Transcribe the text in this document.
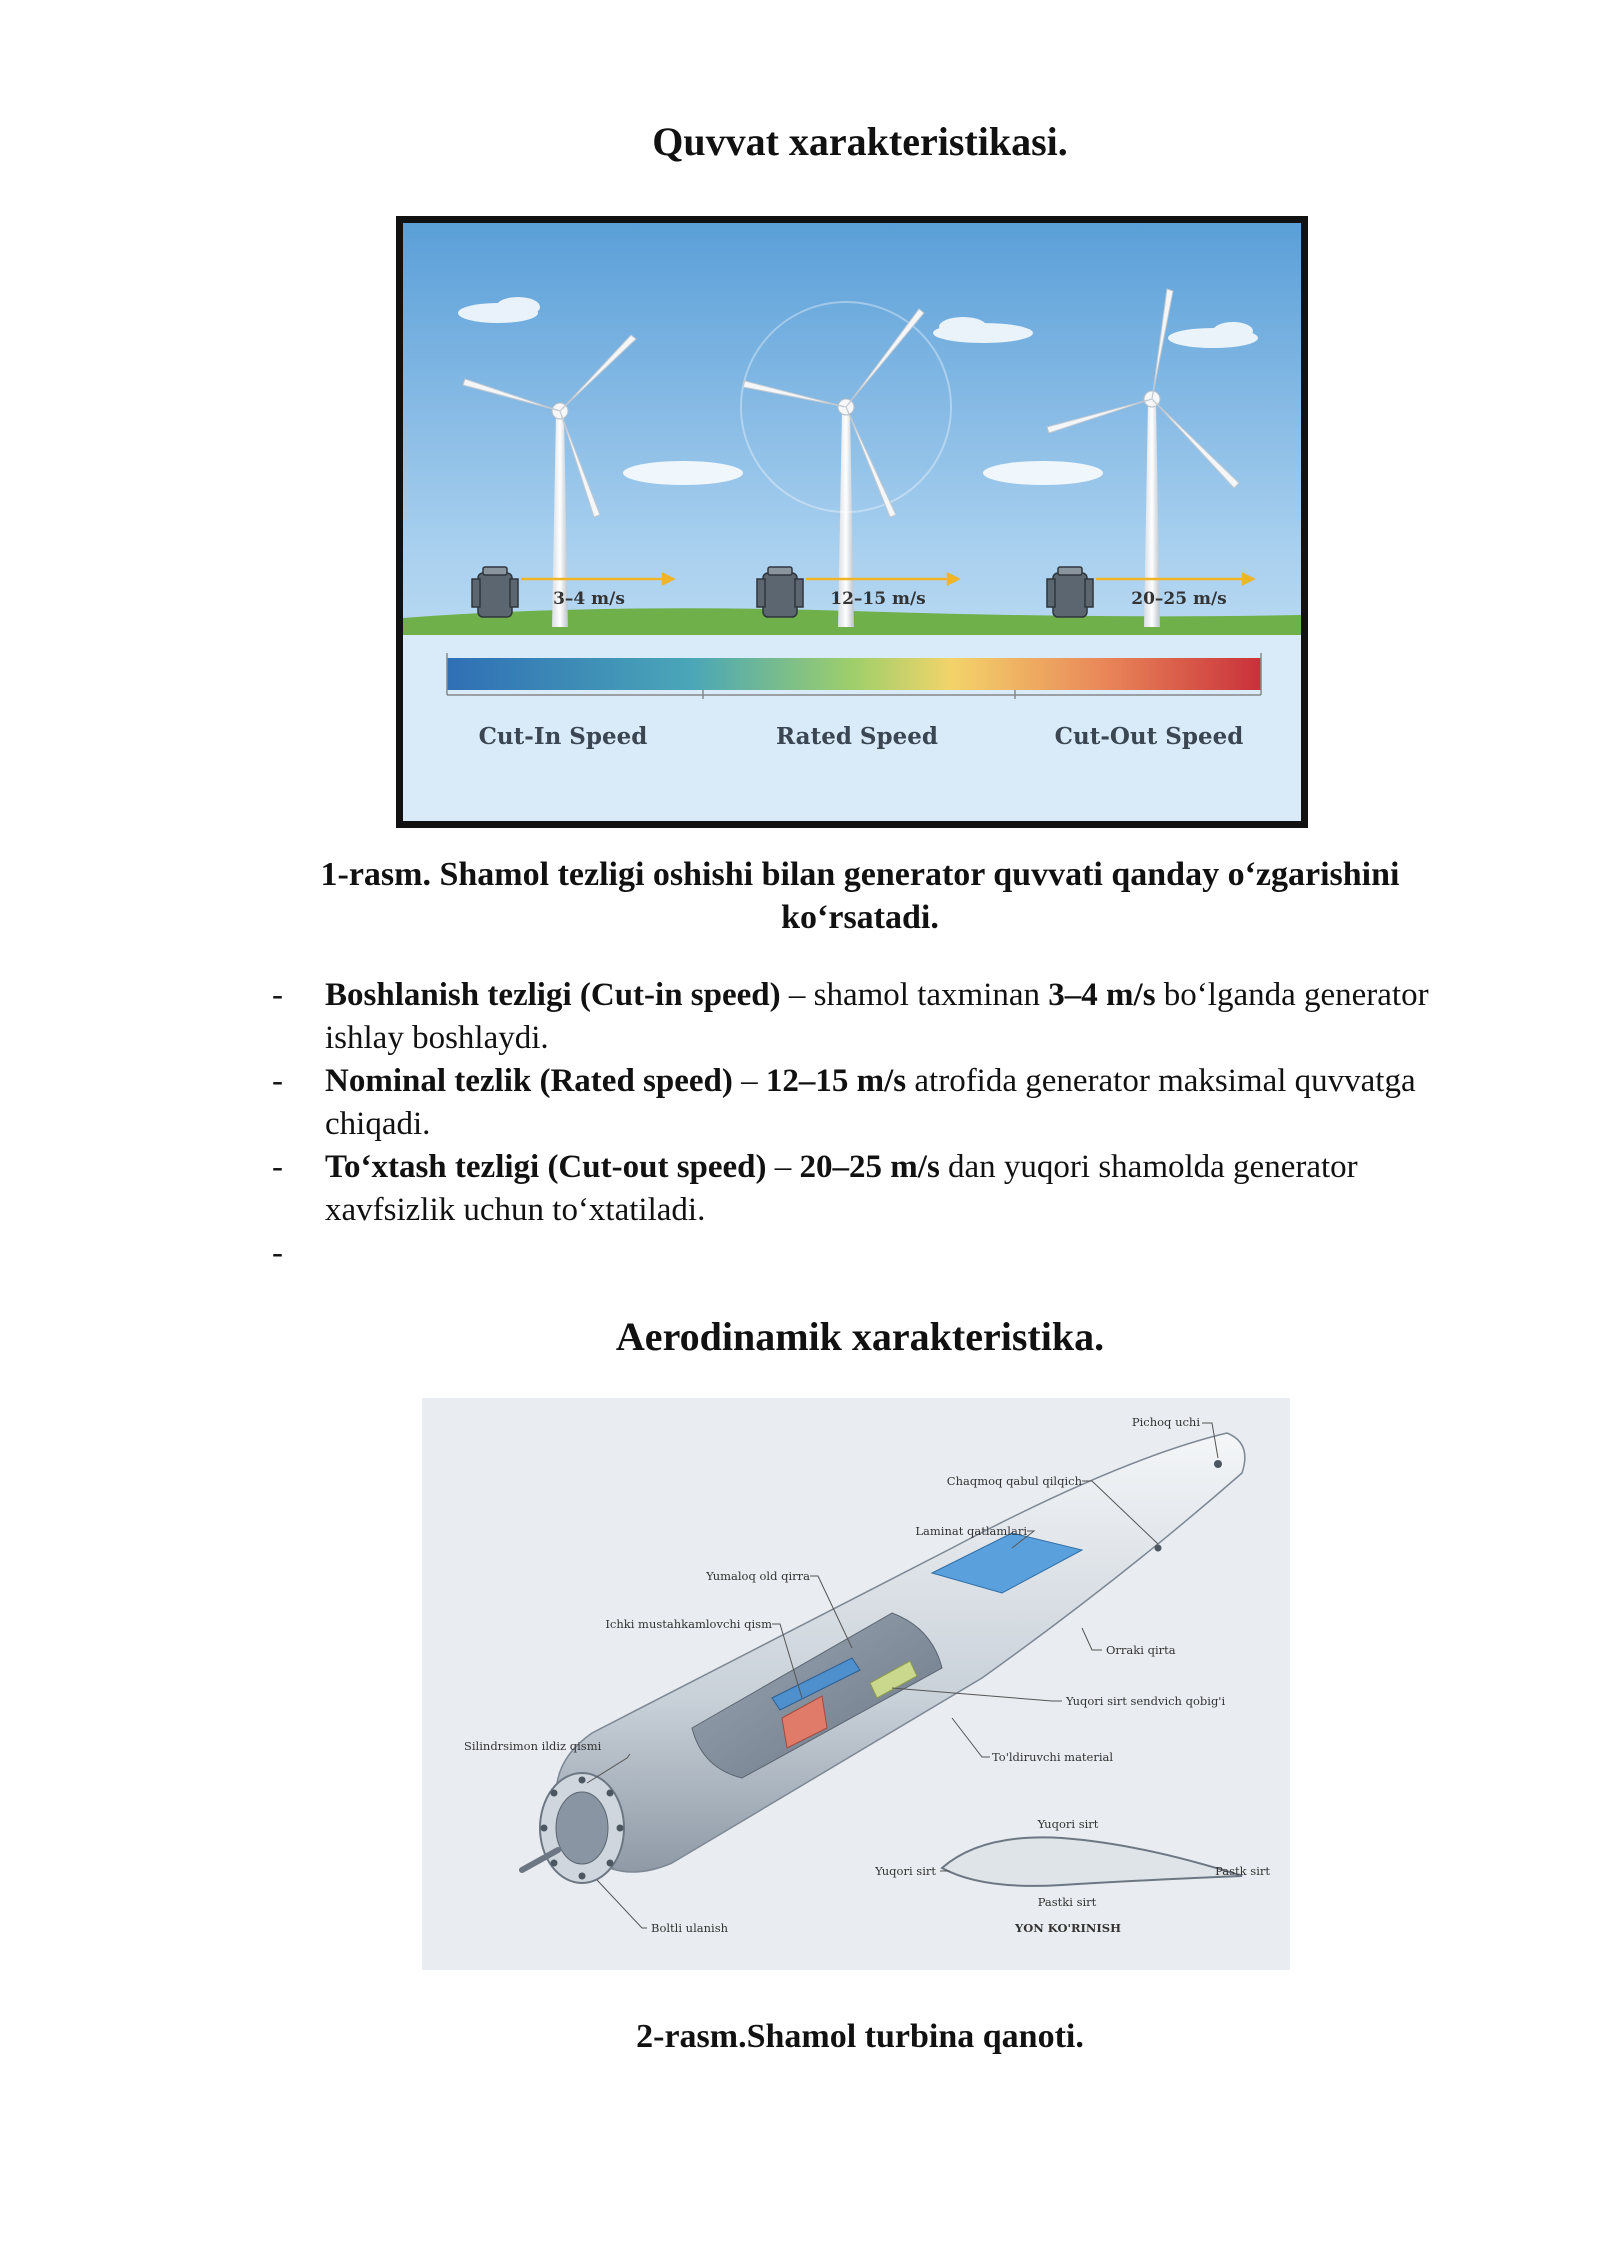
Quvvat xarakteristikasi.
3–4 m/s	12–15 m/s	20–25 m/s
Cut-In Speed	Rated Speed	Cut-Out Speed
1-rasm. Shamol tezligi oshishi bilan generator quvvati qanday o‘zgarishini
ko‘rsatadi.
- Boshlanish tezligi (Cut-in speed) – shamol taxminan 3–4 m/s bo‘lganda generator ishlay boshlaydi.
- Nominal tezlik (Rated speed) – 12–15 m/s atrofida generator maksimal quvvatga chiqadi.
- To‘xtash tezligi (Cut-out speed) – 20–25 m/s dan yuqori shamolda generator xavfsizlik uchun to‘xtatiladi.
-
Aerodinamik xarakteristika.
Pichoq uchi
Chaqmoq qabul qilqich
Laminat qatlamlari
Yumaloq old qirra
Ichki mustahkamlovchi qism
Orraki qirta
Yuqori sirt sendvich qobig'i
Silindrsimon ildiz qismi
To'ldiruvchi material
Yuqori sirt
Yuqori sirt	Pastk sirt
Pastki sirt
Boltli ulanish	YON KO'RINISH
2-rasm.Shamol turbina qanoti.
